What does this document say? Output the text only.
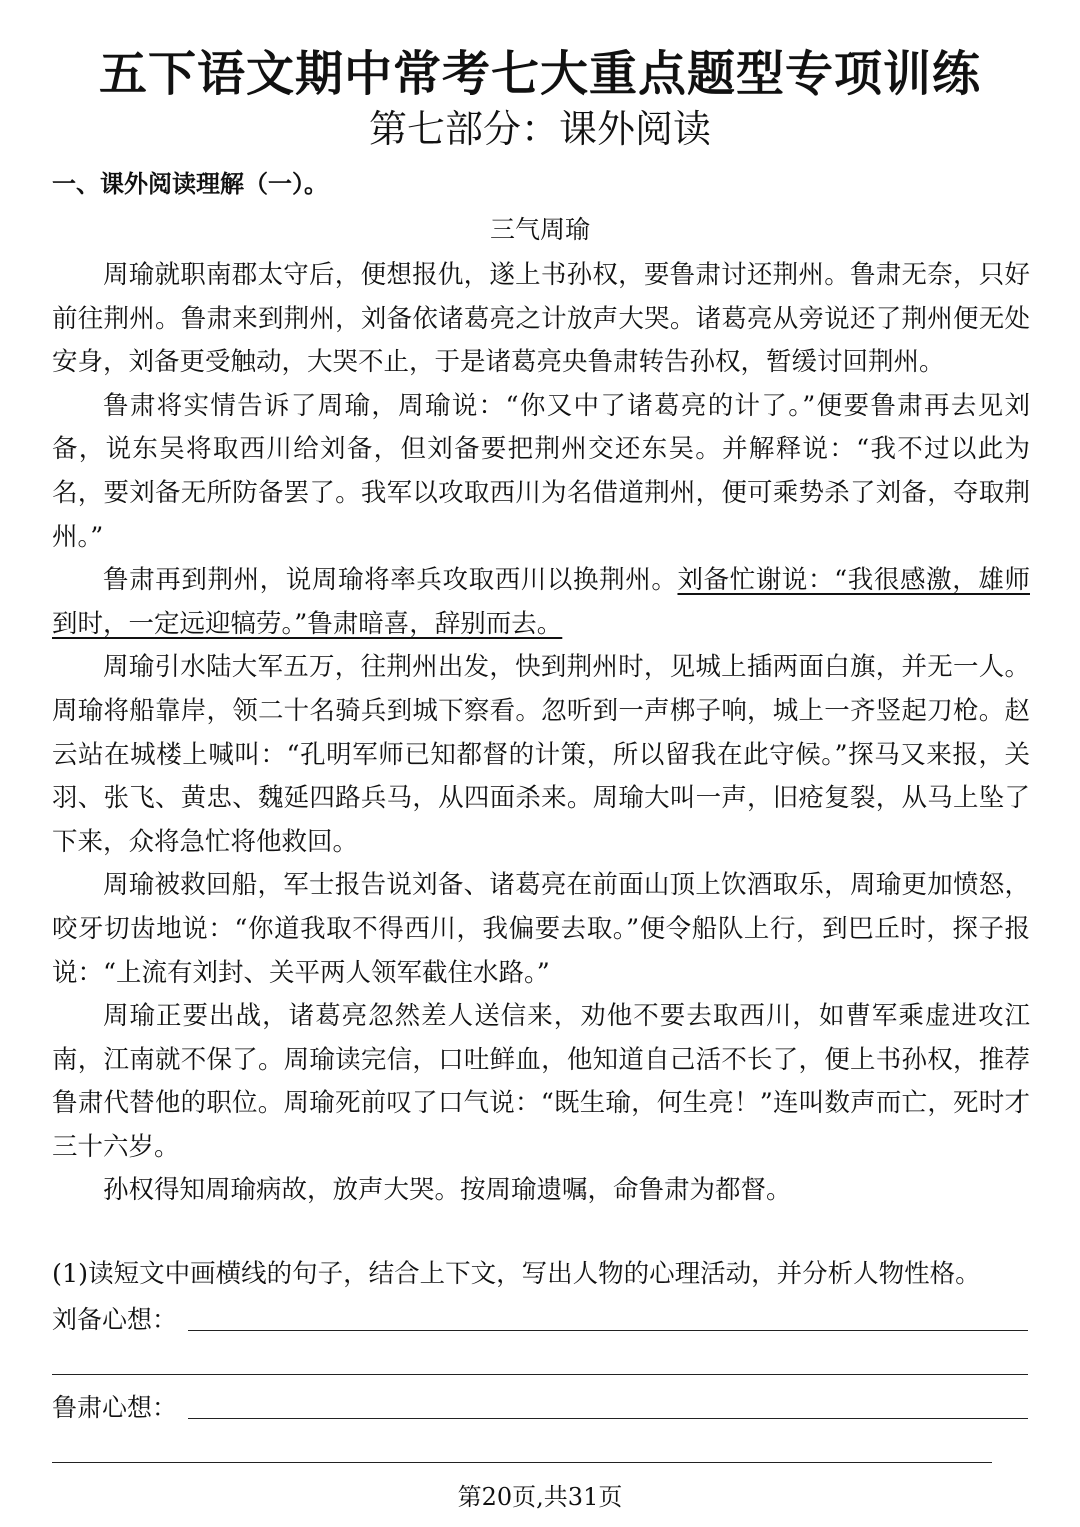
五下语文期中常考七大重点题型专项训练
第七部分：课外阅读
一、课外阅读理解（一）。
三气周瑜

周瑜就职南郡太守后，便想报仇，遂上书孙权，要鲁肃讨还荆州。鲁肃无奈，只好前往荆州。鲁肃来到荆州，刘备依诸葛亮之计放声大哭。诸葛亮从旁说还了荆州便无处安身，刘备更受触动，大哭不止，于是诸葛亮央鲁肃转告孙权，暂缓讨回荆州。

鲁肃将实情告诉了周瑜，周瑜说：“你又中了诸葛亮的计了。”便要鲁肃再去见刘备，说东吴将取西川给刘备，但刘备要把荆州交还东吴。并解释说：“我不过以此为名，要刘备无所防备罢了。我军以攻取西川为名借道荆州，便可乘势杀了刘备，夺取荆州。”

鲁肃再到荆州，说周瑜将率兵攻取西川以换荆州。刘备忙谢说：“我很感激，雄师到时，一定远迎犒劳。”鲁肃暗喜，辞别而去。

周瑜引水陆大军五万，往荆州出发，快到荆州时，见城上插两面白旗，并无一人。周瑜将船靠岸，领二十名骑兵到城下察看。忽听到一声梆子响，城上一齐竖起刀枪。赵云站在城楼上喊叫：“孔明军师已知都督的计策，所以留我在此守候。”探马又来报，关羽、张飞、黄忠、魏延四路兵马，从四面杀来。周瑜大叫一声，旧疮复裂，从马上坠了下来，众将急忙将他救回。

周瑜被救回船，军士报告说刘备、诸葛亮在前面山顶上饮酒取乐，周瑜更加愤怒，咬牙切齿地说：“你道我取不得西川，我偏要去取。”便令船队上行，到巴丘时，探子报说：“上流有刘封、关平两人领军截住水路。”

周瑜正要出战，诸葛亮忽然差人送信来，劝他不要去取西川，如曹军乘虚进攻江南，江南就不保了。周瑜读完信，口吐鲜血，他知道自己活不长了，便上书孙权，推荐鲁肃代替他的职位。周瑜死前叹了口气说：“既生瑜，何生亮！”连叫数声而亡，死时才三十六岁。

孙权得知周瑜病故，放声大哭。按周瑜遗嘱，命鲁肃为都督。

(1)读短文中画横线的句子，结合上下文，写出人物的心理活动，并分析人物性格。
刘备心想：
鲁肃心想：
第20页,共31页
